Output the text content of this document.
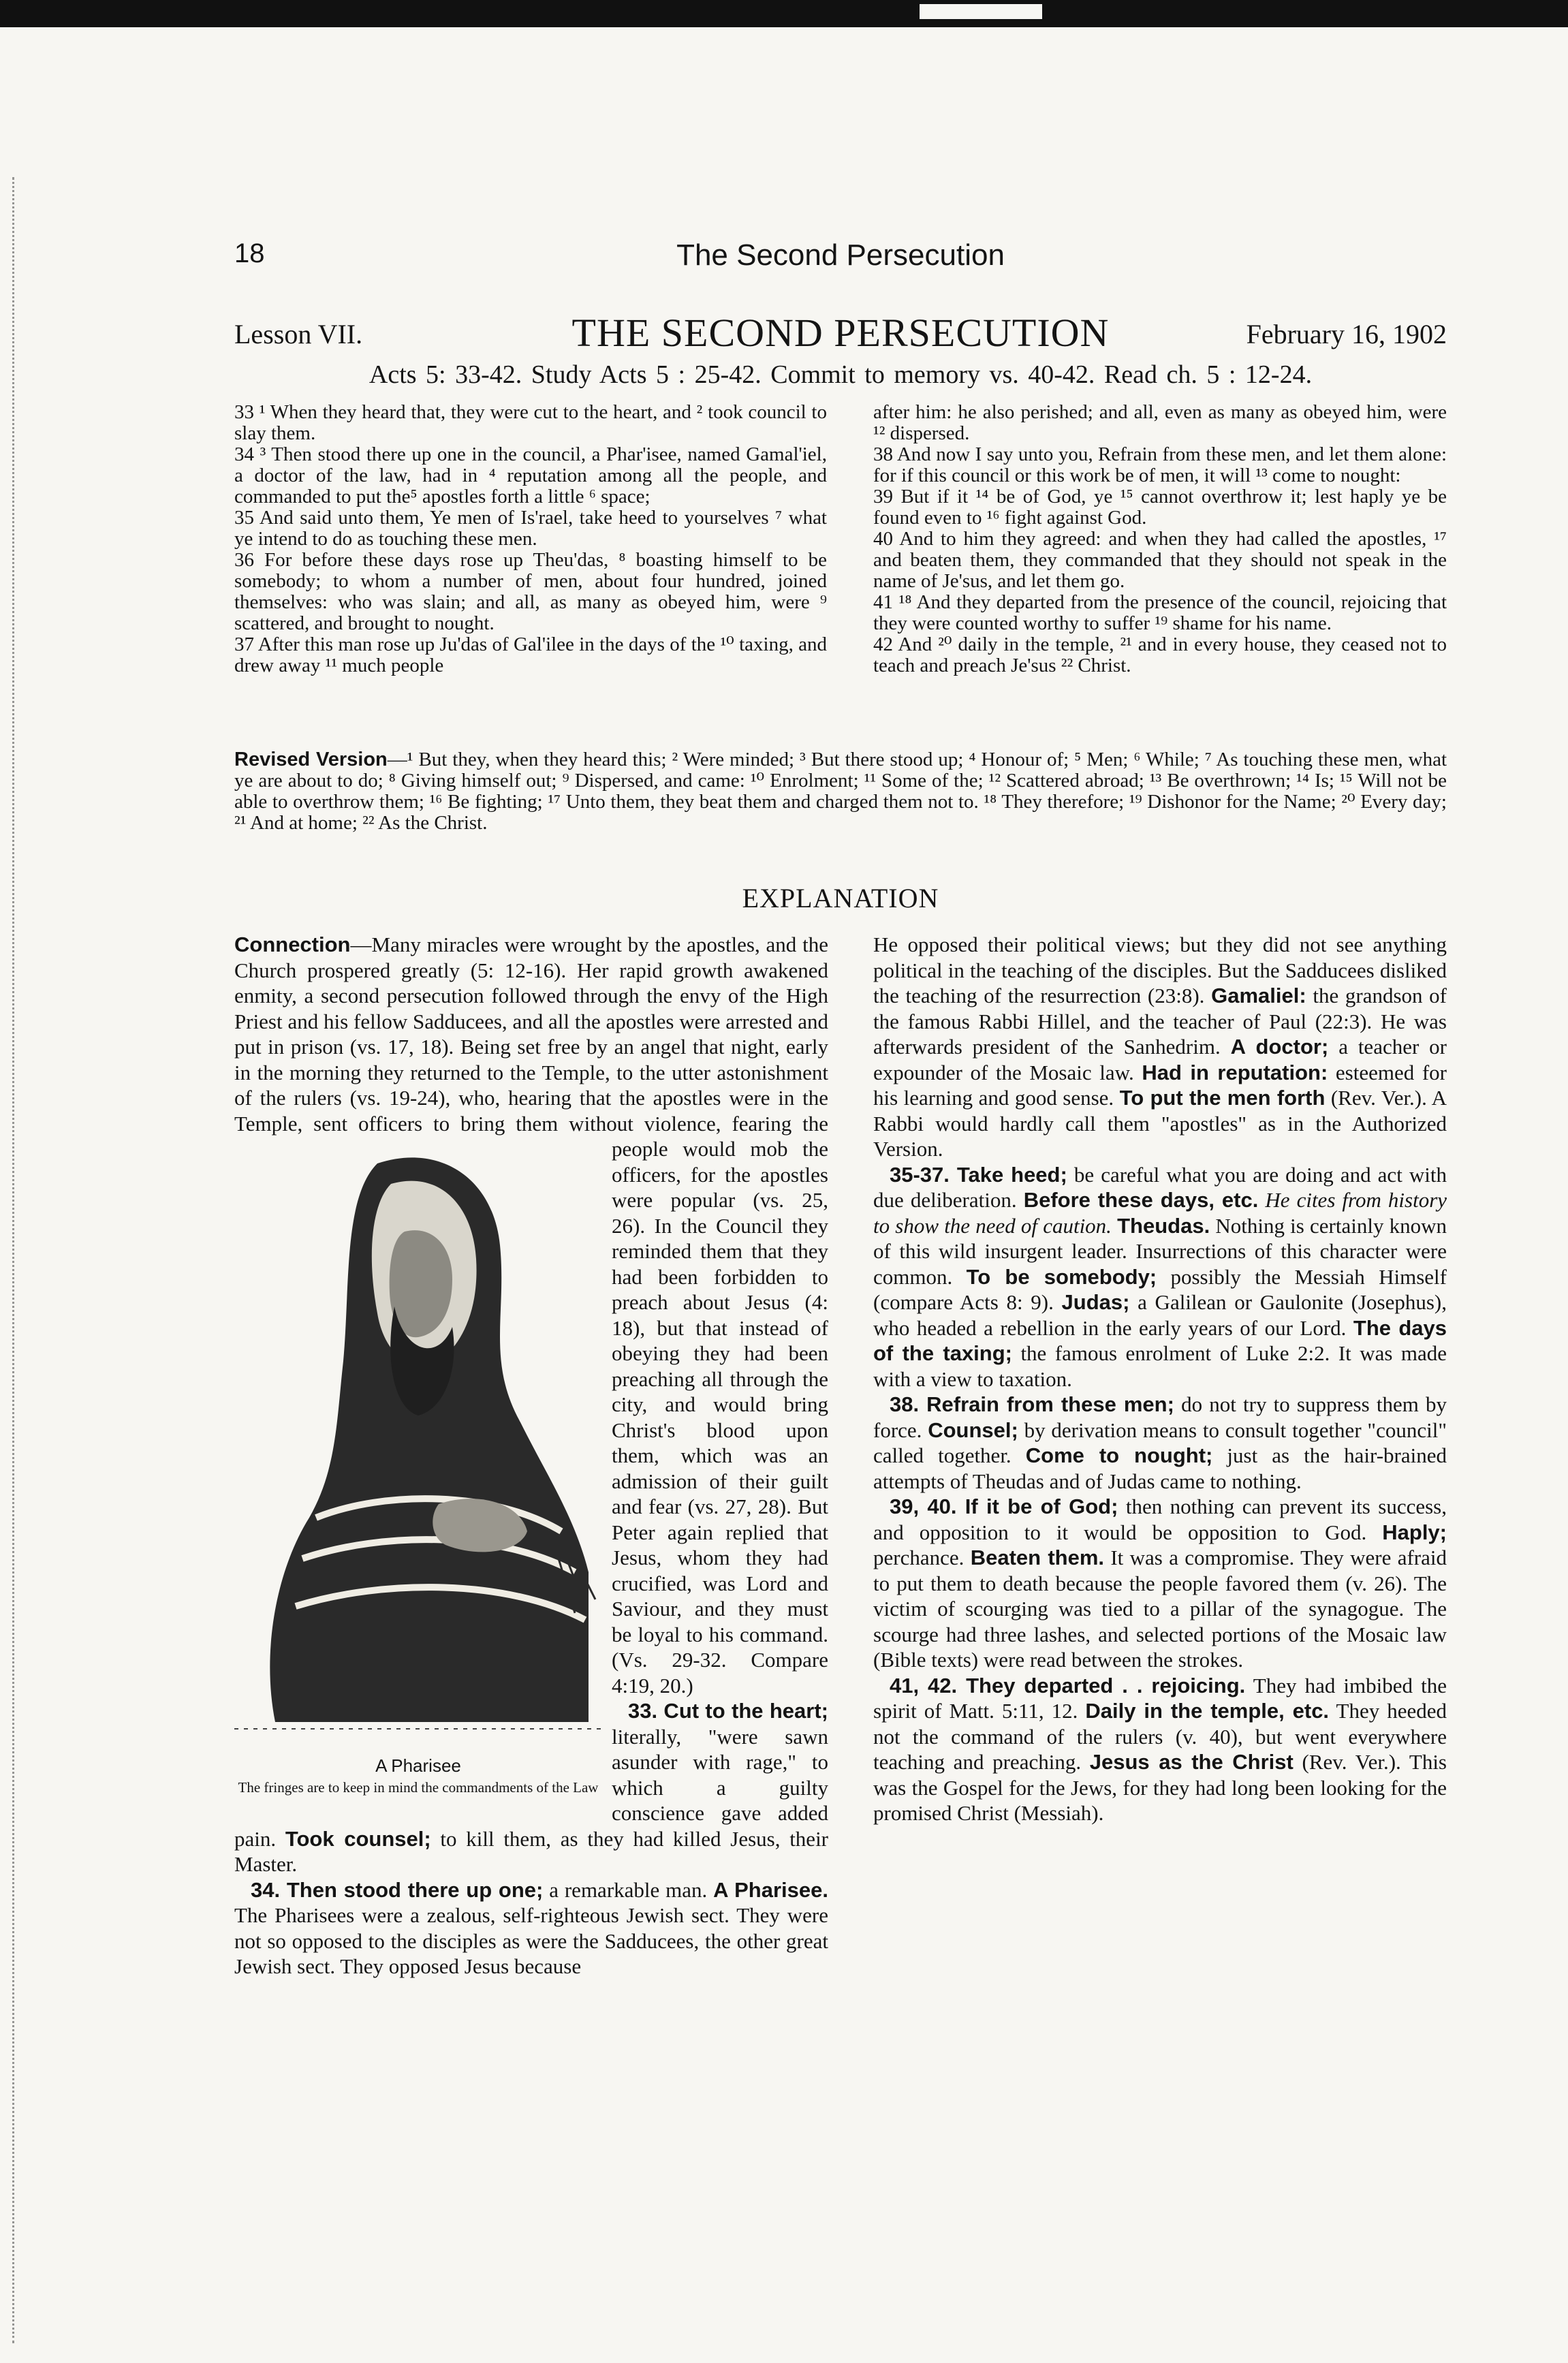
18	The Second Persecution
Lesson VII.	THE SECOND PERSECUTION	February 16, 1902
Acts 5: 33-42. Study Acts 5 : 25-42. Commit to memory vs. 40-42. Read ch. 5 : 12-24.

33 ¹ When they heard that, they were cut to the heart, and ² took council to slay them.

34 ³ Then stood there up one in the council, a Phar'isee, named Gamal'iel, a doctor of the law, had in ⁴ reputation among all the people, and commanded to put the⁵ apostles forth a little ⁶ space;

35 And said unto them, Ye men of Is'rael, take heed to yourselves ⁷ what ye intend to do as touching these men.

36 For before these days rose up Theu'das, ⁸ boasting himself to be somebody; to whom a number of men, about four hundred, joined themselves: who was slain; and all, as many as obeyed him, were ⁹ scattered, and brought to nought.

37 After this man rose up Ju'das of Gal'ilee in the days of the ¹⁰ taxing, and drew away ¹¹ much people

after him: he also perished; and all, even as many as obeyed him, were ¹² dispersed.

38 And now I say unto you, Refrain from these men, and let them alone: for if this council or this work be of men, it will ¹³ come to nought:

39 But if it ¹⁴ be of God, ye ¹⁵ cannot overthrow it; lest haply ye be found even to ¹⁶ fight against God.

40 And to him they agreed: and when they had called the apostles, ¹⁷ and beaten them, they commanded that they should not speak in the name of Je'sus, and let them go.

41 ¹⁸ And they departed from the presence of the council, rejoicing that they were counted worthy to suffer ¹⁹ shame for his name.

42 And ²⁰ daily in the temple, ²¹ and in every house, they ceased not to teach and preach Je'sus ²² Christ.

Revised Version—¹ But they, when they heard this; ² Were minded; ³ But there stood up; ⁴ Honour of; ⁵ Men; ⁶ While; ⁷ As touching these men, what ye are about to do; ⁸ Giving himself out; ⁹ Dispersed, and came: ¹⁰ Enrolment; ¹¹ Some of the; ¹² Scattered abroad; ¹³ Be overthrown; ¹⁴ Is; ¹⁵ Will not be able to overthrow them; ¹⁶ Be fighting; ¹⁷ Unto them, they beat them and charged them not to. ¹⁸ They therefore; ¹⁹ Dishonor for the Name; ²⁰ Every day; ²¹ And at home; ²² As the Christ.
EXPLANATION

Connection—Many miracles were wrought by the apostles, and the Church prospered greatly (5: 12-16). Her rapid growth awakened enmity, a second persecution followed through the envy of the High Priest and his fellow Sadducees, and all the apostles were arrested and put in prison (vs. 17, 18). Being set free by an angel that night, early in the morning they returned to the Temple, to the utter astonishment of the rulers (vs. 19-24), who, hearing that the apostles were in the Temple, sent officers to bring them without violence, fearing
A Pharisee
The fringes are to keep in mind the commandments of the Law
the people would mob the officers, for the apostles were popular (vs. 25, 26). In the Council they reminded them that they had been forbidden to preach about Jesus (4: 18), but that instead of obeying they had been preaching all through the city, and would bring Christ's blood upon them, which was an admission of their guilt and fear (vs. 27, 28). But Peter again replied that Jesus, whom they had crucified, was Lord and Saviour, and they must be loyal to his command. (Vs. 29-32. Compare 4:19, 20.)

33. Cut to the heart; literally, "were sawn asunder with rage," to which a guilty conscience gave added pain. Took counsel; to kill them, as they had killed Jesus, their Master.

34. Then stood there up one; a remarkable man. A Pharisee. The Pharisees were a zealous, self-righteous Jewish sect. They were not so opposed to the disciples as were the Sadducees, the other great Jewish sect. They opposed Jesus because

He opposed their political views; but they did not see anything political in the teaching of the disciples. But the Sadducees disliked the teaching of the resurrection (23:8). Gamaliel: the grandson of the famous Rabbi Hillel, and the teacher of Paul (22:3). He was afterwards president of the Sanhedrim. A doctor; a teacher or expounder of the Mosaic law. Had in reputation: esteemed for his learning and good sense. To put the men forth (Rev. Ver.). A Rabbi would hardly call them "apostles" as in the Authorized Version.

35-37. Take heed; be careful what you are doing and act with due deliberation. Before these days, etc. He cites from history to show the need of caution. Theudas. Nothing is certainly known of this wild insurgent leader. Insurrections of this character were common. To be somebody; possibly the Messiah Himself (compare Acts 8: 9). Judas; a Galilean or Gaulonite (Josephus), who headed a rebellion in the early years of our Lord. The days of the taxing; the famous enrolment of Luke 2:2. It was made with a view to taxation.

38. Refrain from these men; do not try to suppress them by force. Counsel; by derivation means to consult together "council" called together. Come to nought; just as the hair-brained attempts of Theudas and of Judas came to nothing.

39, 40. If it be of God; then nothing can prevent its success, and opposition to it would be opposition to God. Haply; perchance. Beaten them. It was a compromise. They were afraid to put them to death because the people favored them (v. 26). The victim of scourging was tied to a pillar of the synagogue. The scourge had three lashes, and selected portions of the Mosaic law (Bible texts) were read between the strokes.

41, 42. They departed . . rejoicing. They had imbibed the spirit of Matt. 5:11, 12. Daily in the temple, etc. They heeded not the command of the rulers (v. 40), but went everywhere teaching and preaching. Jesus as the Christ (Rev. Ver.). This was the Gospel for the Jews, for they had long been looking for the promised Christ (Messiah).
